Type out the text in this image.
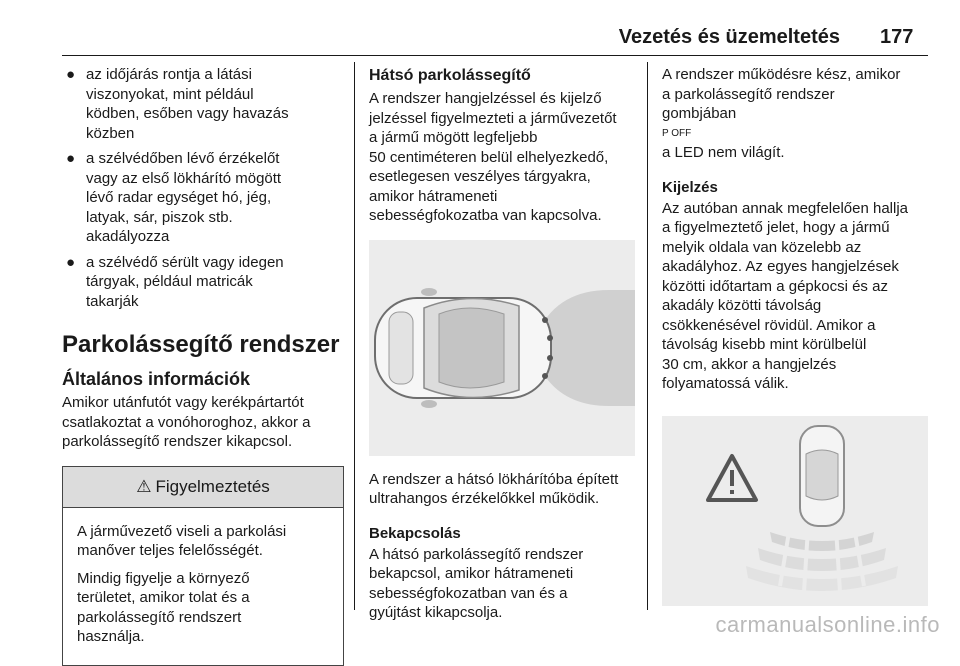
Vezetés és üzemeltetés 177
● az időjárás rontja a látási
viszonyokat, mint például
ködben, esőben vagy havazás
közben
● a szélvédőben lévő érzékelőt
vagy az első lökhárító mögött
lévő radar egységet hó, jég,
latyak, sár, piszok stb.
akadályozza
● a szélvédő sérült vagy idegen
tárgyak, például matricák
takarják
Parkolássegítő rendszer
Általános információk
Amikor utánfutót vagy kerékpártartót
csatlakoztat a vonóhoroghoz, akkor a
parkolássegítő rendszer kikapcsol.
⚠ Figyelmeztetés
A járművezető viseli a parkolási
manőver teljes felelősségét.
Mindig figyelje a környező
területet, amikor tolat és a
parkolássegítő rendszert
használja.
Hátsó parkolássegítő
A rendszer hangjelzéssel és kijelző
jelzéssel figyelmezteti a járművezetőt
a jármű mögött legfeljebb
50 centiméteren belül elhelyezkedő,
esetlegesen veszélyes tárgyakra,
amikor hátrameneti
sebességfokozatba van kapcsolva.
A rendszer a hátsó lökhárítóba épített
ultrahangos érzékelőkkel működik.
Bekapcsolás
A hátsó parkolássegítő rendszer
bekapcsol, amikor hátrameneti
sebességfokozatban van és a
gyújtást kikapcsolja.
A rendszer működésre kész, amikor
a parkolássegítő rendszer
gombjában
P OFF
a LED nem világít.
Kijelzés
Az autóban annak megfelelően hallja
a figyelmeztető jelet, hogy a jármű
melyik oldala van közelebb az
akadályhoz. Az egyes hangjelzések
közötti időtartam a gépkocsi és az
akadály közötti távolság
csökkenésével rövidül. Amikor a
távolság kisebb mint körülbelül
30 cm, akkor a hangjelzés
folyamatossá válik.
carmanualsonline.info
